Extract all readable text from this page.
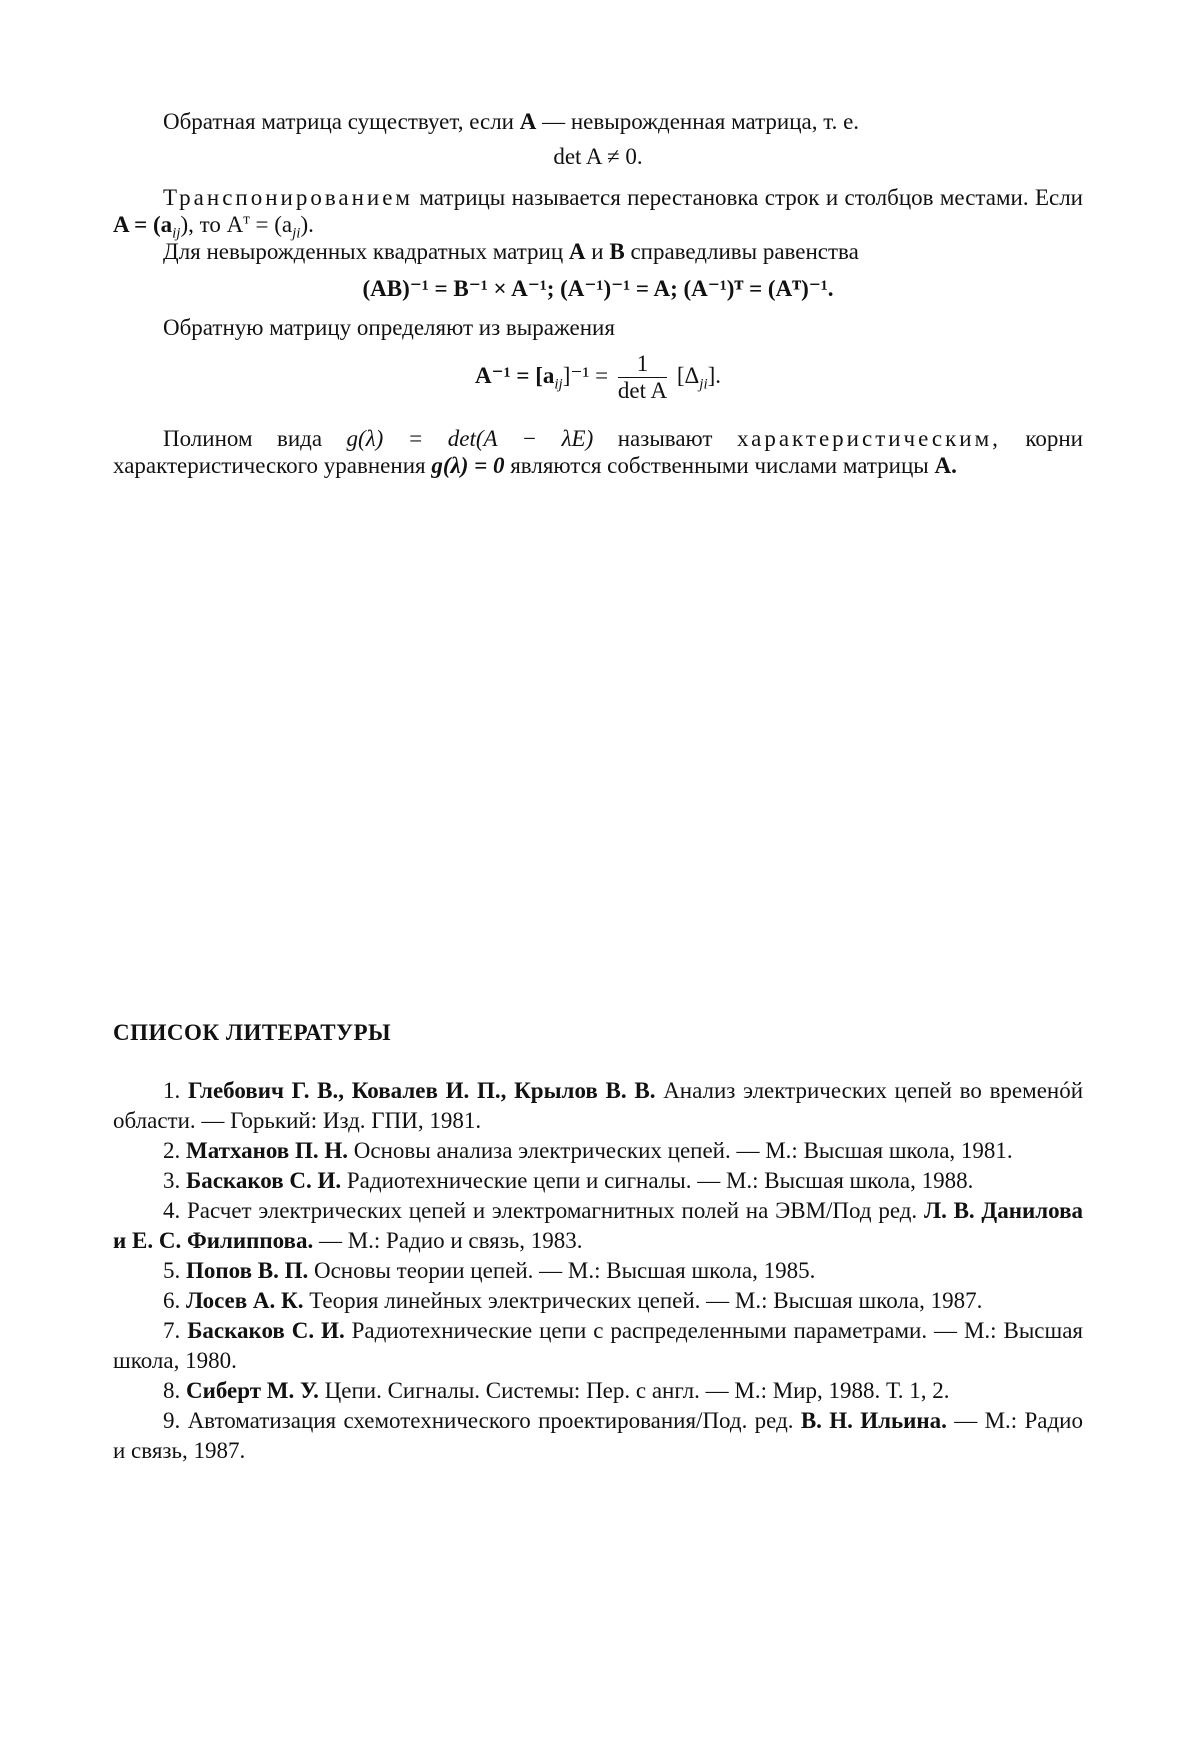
Обратная матрица существует, если A — невырожденная матрица, т. е.

det A ≠ 0.

Транспонированием матрицы называется перестановка строк и столбцов местами. Если $A = (a_{ij})$, то $A^т = (a_{ji})$.

Для невырожденных квадратных матриц A и B справедливы равенства

(AB)⁻¹ = B⁻¹ × A⁻¹; (A⁻¹)⁻¹ = A; (A⁻¹)ᵀ = (Aᵀ)⁻¹.

Обратную матрицу определяют из выражения

$A^{-1} = [a_{ij}]^{-1} = \frac{1}{\text{det A}} [\Delta_{ji}]$.

Полином вида g(λ) = det(A − λE) называют характеристическим, корни характеристического уравнения g(λ) = 0 являются собственными числами матрицы A.

СПИСОК ЛИТЕРАТУРЫ

1. Глебович Г. В., Ковалев И. П., Крылов В. В. Анализ электрических цепей во временóй области. — Горький: Изд. ГПИ, 1981.

2. Матханов П. Н. Основы анализа электрических цепей. — М.: Высшая школа, 1981.

3. Баскаков С. И. Радиотехнические цепи и сигналы. — М.: Высшая школа, 1988.

4. Расчет электрических цепей и электромагнитных полей на ЭВМ/Под ред. Л. В. Данилова и Е. С. Филиппова. — М.: Радио и связь, 1983.

5. Попов В. П. Основы теории цепей. — М.: Высшая школа, 1985.

6. Лосев А. К. Теория линейных электрических цепей. — М.: Высшая школа, 1987.

7. Баскаков С. И. Радиотехнические цепи с распределенными параметрами. — М.: Высшая школа, 1980.

8. Сиберт М. У. Цепи. Сигналы. Системы: Пер. с англ. — М.: Мир, 1988. Т. 1, 2.

9. Автоматизация схемотехнического проектирования/Под. ред. В. Н. Ильина. — М.: Радио и связь, 1987.
